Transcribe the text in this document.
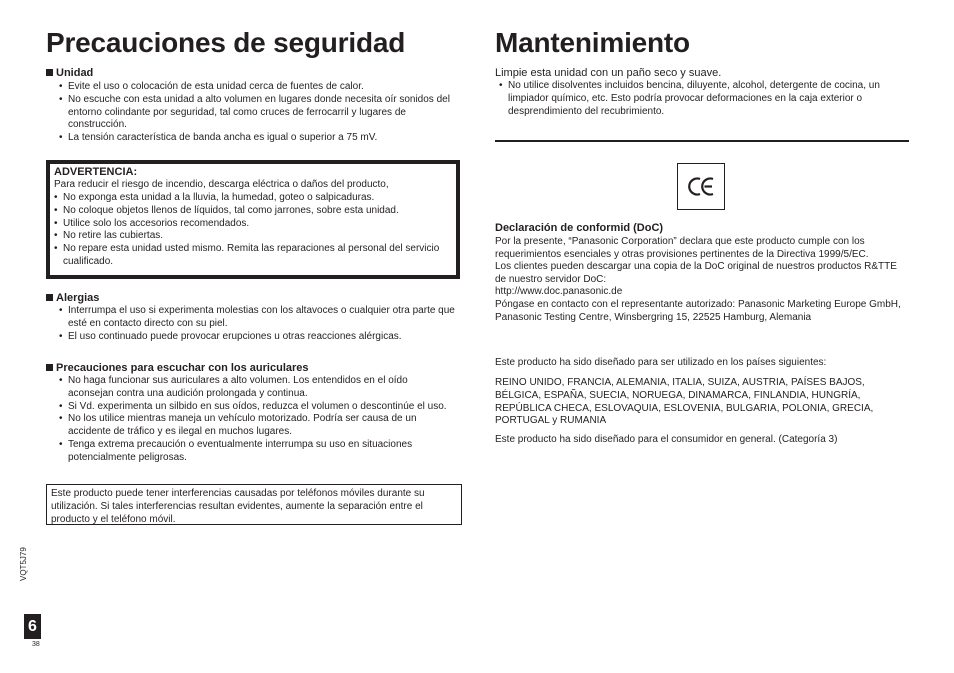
Precauciones de seguridad
Unidad
• Evite el uso o colocación de esta unidad cerca de fuentes de calor.
• No escuche con esta unidad a alto volumen en lugares donde necesita oír sonidos del entorno colindante por seguridad, tal como cruces de ferrocarril y lugares de construcción.
• La tensión característica de banda ancha es igual o superior a 75 mV.

ADVERTENCIA:

Para reducir el riesgo de incendio, descarga eléctrica o daños del producto,

• No exponga esta unidad a la lluvia, la humedad, goteo o salpicaduras.
• No coloque objetos llenos de líquidos, tal como jarrones, sobre esta unidad.
• Utilice solo los accesorios recomendados.
• No retire las cubiertas.
• No repare esta unidad usted mismo. Remita las reparaciones al personal del servicio cualificado.
Alergias
• Interrumpa el uso si experimenta molestias con los altavoces o cualquier otra parte que esté en contacto directo con su piel.
• El uso continuado puede provocar erupciones u otras reacciones alérgicas.
Precauciones para escuchar con los auriculares
• No haga funcionar sus auriculares a alto volumen. Los entendidos en el oído aconsejan contra una audición prolongada y continua.
• Si Vd. experimenta un silbido en sus oídos, reduzca el volumen o descontinúe el uso.
• No los utilice mientras maneja un vehículo motorizado. Podría ser causa de un accidente de tráfico y es ilegal en muchos lugares.
• Tenga extrema precaución o eventualmente interrumpa su uso en situaciones potencialmente peligrosas.
Este producto puede tener interferencias causadas por teléfonos móviles durante su utilización. Si tales interferencias resultan evidentes, aumente la separación entre el producto y el teléfono móvil.
Mantenimiento

Limpie esta unidad con un paño seco y suave.

• No utilice disolventes incluidos bencina, diluyente, alcohol, detergente de cocina, un limpiador químico, etc. Esto podría provocar deformaciones en la caja exterior o desprendimiento del recubrimiento.
Declaración de conformid (DoC)
Por la presente, “Panasonic Corporation” declara que este producto cumple con los requerimientos esenciales y otras provisiones pertinentes de la Directiva 1999/5/EC.
Los clientes pueden descargar una copia de la DoC original de nuestros productos R&TTE de nuestro servidor DoC:
http://www.doc.panasonic.de
Póngase en contacto con el representante autorizado: Panasonic Marketing Europe GmbH, Panasonic Testing Centre, Winsbergring 15, 22525 Hamburg, Alemania

Este producto ha sido diseñado para ser utilizado en los países siguientes:

REINO UNIDO, FRANCIA, ALEMANIA, ITALIA, SUIZA, AUSTRIA, PAÍSES BAJOS, BÉLGICA, ESPAÑA, SUECIA, NORUEGA, DINAMARCA, FINLANDIA, HUNGRÍA, REPÚBLICA CHECA, ESLOVAQUIA, ESLOVENIA, BULGARIA, POLONIA, GRECIA, PORTUGAL y RUMANIA

Este producto ha sido diseñado para el consumidor en general. (Categoría 3)

VQT5J79
6
38
